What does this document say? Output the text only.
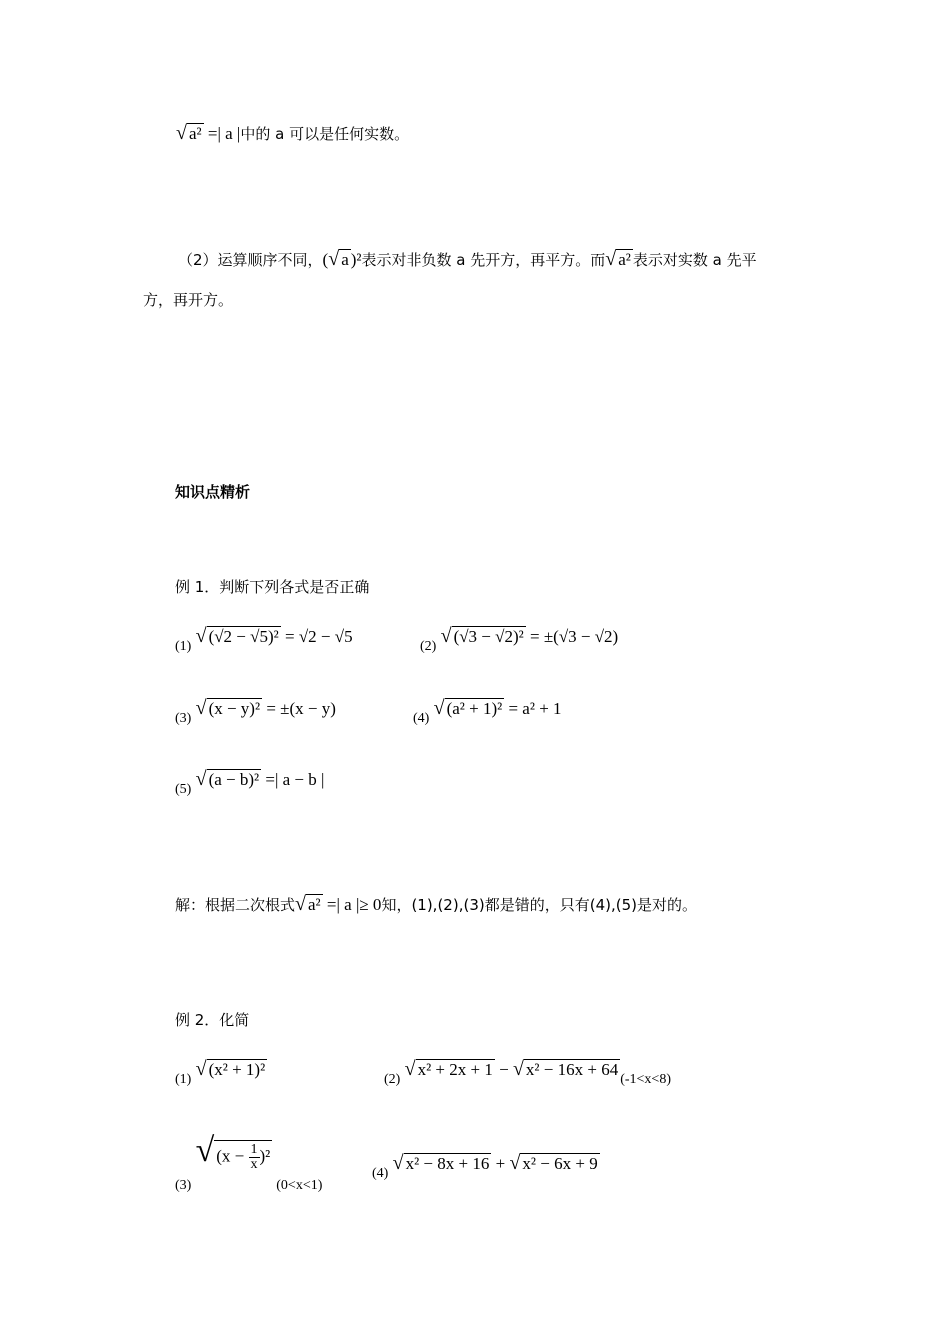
√ a² =| a |中的 a 可以是任何实数。
（2）运算顺序不同，(√ a )²表示对非负数 a 先开方，再平方。而√ a² 表示对实数 a 先平
方，再开方。
知识点精析
例 1．判断下列各式是否正确
$_{(1)}$ √ (√2 − √5)² = √2 − √5
$_{(2)}$ √ (√3 − √2)² = ±(√3 − √2)
$_{(3)}$ √ (x − y)² = ±(x − y)
$_{(4)}$ √ (a² + 1)² = a² + 1
$_{(5)}$ √ (a − b)² =| a − b |
解：根据二次根式√ a² =| a |≥ 0知，(1),(2),(3)都是错的，只有(4),(5)是对的。
例 2．化简
$_{(1)}$ √ (x² + 1)²
$_{(2)}$ √ x² + 2x + 1 − √ $x^2 - 16x + 64_{(-1<x<8)}$
$_{(3)}$ √ $(x - \frac{1}{x} )^2_{(0<x<1)}$
$_{(4)}$ √ x² − 8x + 16 + √ x² − 6x + 9
